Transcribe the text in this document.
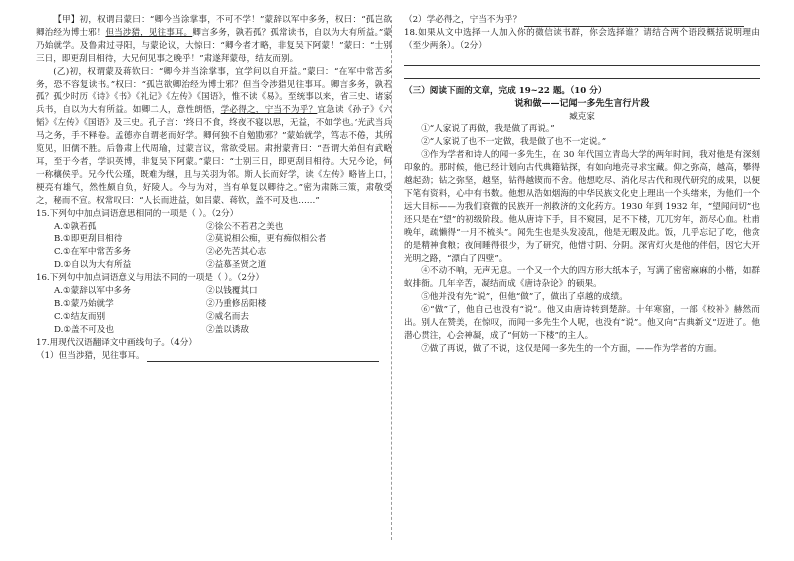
【甲】初，权谓吕蒙曰：“卿今当涂掌事，不可不学！”蒙辞以军中多务，权曰：“孤岂欲卿治经为博士邪！但当涉猎，见往事耳。卿言多务，孰若孤？孤常读书，自以为大有所益。”蒙乃始就学。及鲁肃过寻阳，与蒙论议，大惊曰：“卿今者才略，非复吴下阿蒙！”蒙曰：“士别三日，即更刮目相待，大兄何见事之晚乎！”肃遂拜蒙母，结友而别。

(乙)初，权谓蒙及蒋钦曰：“卿今并当涂掌事，宜学问以自开益。”蒙曰：“在军中常苦多务，恐不容复读书。”权曰：“孤岂欲卿治经为博士邪？但当令涉猎见往事耳。卿言多务，孰若孤？孤少时历《诗》《书》《礼记》《左传》《国语》，惟不读《易》。至统事以来，省三史、诸家兵书，自以为大有所益。如卿二人，意性朗悟，学必得之，宁当不为乎？宜急读《孙子》《六韬》《左传》《国语》及三史。孔子言：‘终日不食，终夜不寝以思，无益，不如学也。’光武当兵马之务，手不释卷。孟德亦自谓老而好学。卿何独不自勉勖邪？”蒙始就学，笃志不倦，其所览见，旧儒不胜。后鲁肃上代周瑜，过蒙言议，常欲受屈。肃拊蒙背曰：“吾谓大弟但有武略耳，至于今者，学识英博，非复吴下阿蒙。”蒙曰：“士别三日，即更刮目相待。大兄今论，何一称穰侯乎。兄今代公瑾，既难为继，且与关羽为邻。斯人长而好学，读《左传》略皆上口，梗亮有雄气，然性颇自负，好陵人。今与为对，当有单复以卿待之。”密为肃陈三策，肃敬受之，秘而不宣。权常叹曰：“人长而进益，如吕蒙、蒋钦，盖不可及也……”

15.下列句中加点词语意思相同的一项是（ ）。（2分）

A.①孰若孤	②徐公不若君之美也
B.①即更刮目相待	②莫说相公痴，更有痴似相公者
C.①在军中常苦多务	②必先苦其心志
D.①自以为大有所益	②益慕圣贤之道

16.下列句中加点词语意义与用法不同的一项是（ ）。（2分）

A.①蒙辞以军中多务	②以钱覆其口
B.①蒙乃始就学	②乃重修岳阳楼
C.①结友而别	②威名而去
D.①盖不可及也	②盖以诱敌

17.用现代汉语翻译文中画线句子。（4分）

（1）但当涉猎，见往事耳。

（2）学必得之，宁当不为乎？

18.如果从文中选择一人加入你的微信读书群，你会选择谁？请结合两个语段概括说明理由（至少两条）。（2分）

（三）阅读下面的文章，完成 19~22 题。（10 分）

说和做——记闻一多先生言行片段

臧克家

①“人家说了再做，我是做了再说。”

②“人家说了也不一定做，我是做了也不一定说。”

③作为学者和诗人的闻一多先生，在 30 年代国立青岛大学的两年时间，我对他是有深刻印象的。那时候，他已经计划向古代典籍钻探，有如向地壳寻求宝藏。仰之弥高，越高，攀得越起劲；钻之弥坚，越坚，钻得越锲而不舍。他想吃尽、消化尽古代和现代研究的成果，以便下笔有资料，心中有书数。他想从浩如烟海的中华民族文化史上理出一个头绪来，为他们一个远大目标——为我们衰微的民族开一剂救济的文化药方。1930 年到 1932 年，“望闻问切”也还只是在“望”的初级阶段。他从唐诗下手，目不窥园，足不下楼，兀兀穷年，沥尽心血。杜甫晚年，疏懒得“一月不梳头”。闻先生也是头发凌乱，他是无暇及此。饭，几乎忘记了吃，他贪的是精神食粮；夜间睡得很少，为了研究，他惜寸阴、分阴。深宵灯火是他的伴侣，因它大开光明之路，“漂白了四壁”。

④不动不响，无声无息。一个又一个大的四方形大纸本子，写满了密密麻麻的小楷，如群蚁排衙。几年辛苦，凝结而成《唐诗杂论》的硕果。

⑤他并没有先“说”，但他“做”了，做出了卓越的成绩。

⑥“做”了，他自己也没有“说”。他又由唐诗转到楚辞。十年寒窗，一部《校补》赫然而出。别人在赞美，在惊叹，而闻一多先生个人呢，也没有“说”。他又向“古典新义”迈进了。他潜心贯注，心会神凝，成了“何妨一下楼”的主人。

⑦做了再说，做了不说，这仅是闻一多先生的一个方面，——作为学者的方面。
